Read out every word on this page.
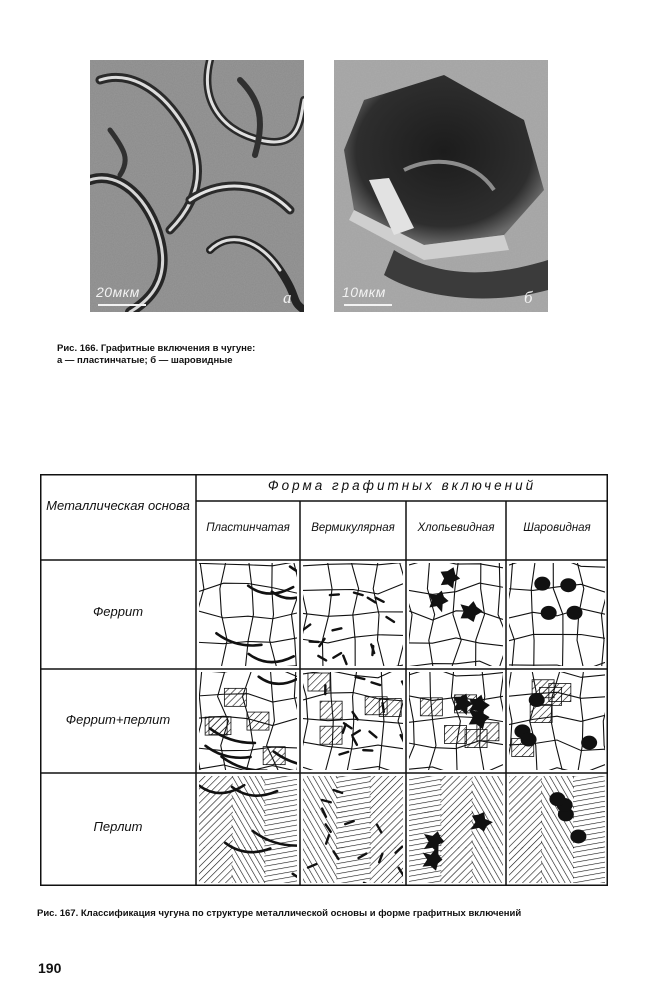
20мкм	а	10мкм	б
Рис. 166. Графитные включения в чугуне:
а — пластинчатые; б — шаровидные
Металлическая основа
Форма графитных включений
Пластинчатая	Вермикулярная	Хлопьевидная	Шаровидная
Феррит
Феррит+перлит
Перлит
Рис. 167. Классификация чугуна по структуре металлической основы и форме графитных включений
190
